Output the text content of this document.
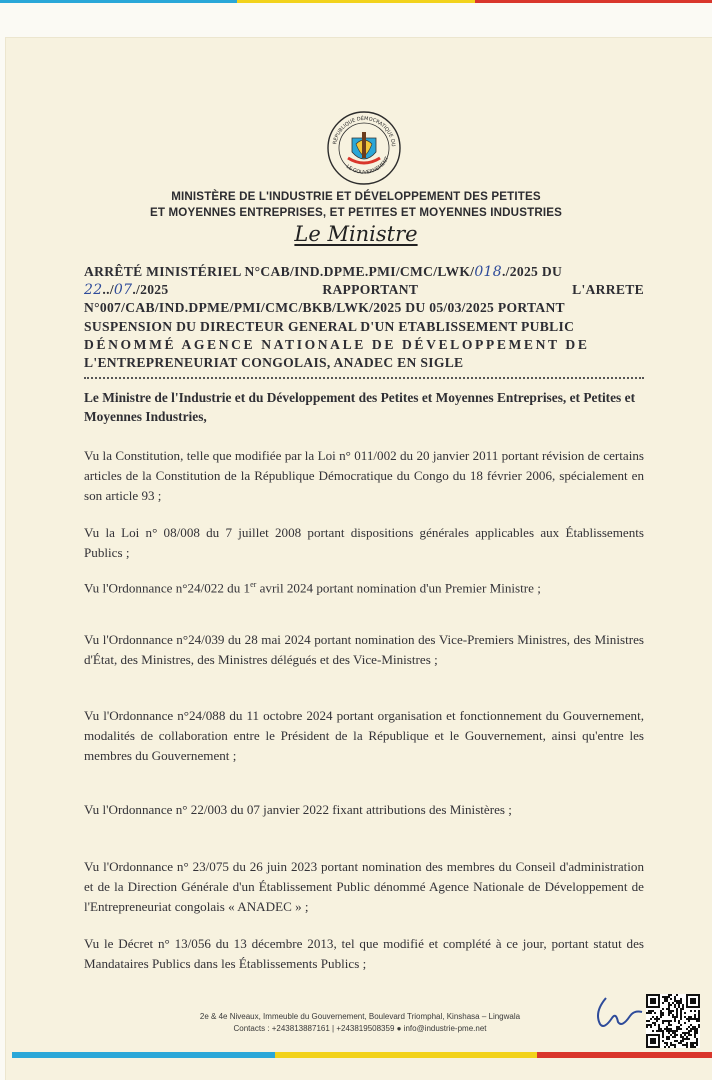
RÉPUBLIQUE DÉMOCRATIQUE DU
LE GOUVERNEMENT
MINISTÈRE DE L'INDUSTRIE ET DÉVELOPPEMENT DES PETITES
ET MOYENNES ENTREPRISES, ET PETITES ET MOYENNES INDUSTRIES
Le Ministre
ARRÊTÉ MINISTÉRIEL N°CAB/IND.DPME.PMI/CMC/LWK/018./2025 DU
22../07./2025	RAPPORTANT	L'ARRETE
N°007/CAB/IND.DPME/PMI/CMC/BKB/LWK/2025 DU 05/03/2025 PORTANT
SUSPENSION DU DIRECTEUR GENERAL D'UN ETABLISSEMENT PUBLIC
DÉNOMMÉ AGENCE NATIONALE DE DÉVELOPPEMENT DE
L'ENTREPRENEURIAT CONGOLAIS, ANADEC EN SIGLE
Le Ministre de l'Industrie et du Développement des Petites et Moyennes Entreprises, et Petites et Moyennes Industries,
Vu la Constitution, telle que modifiée par la Loi n° 011/002 du 20 janvier 2011 portant révision de certains articles de la Constitution de la République Démocratique du Congo du 18 février 2006, spécialement en son article 93 ;
Vu la Loi n° 08/008 du 7 juillet 2008 portant dispositions générales applicables aux Établissements Publics ;
Vu l'Ordonnance n°24/022 du 1er avril 2024 portant nomination d'un Premier Ministre ;
Vu l'Ordonnance n°24/039 du 28 mai 2024 portant nomination des Vice-Premiers Ministres, des Ministres d'État, des Ministres, des Ministres délégués et des Vice-Ministres ;
Vu l'Ordonnance n°24/088 du 11 octobre 2024 portant organisation et fonctionnement du Gouvernement, modalités de collaboration entre le Président de la République et le Gouvernement, ainsi qu'entre les membres du Gouvernement ;
Vu l'Ordonnance n° 22/003 du 07 janvier 2022 fixant attributions des Ministères ;
Vu l'Ordonnance n° 23/075 du 26 juin 2023 portant nomination des membres du Conseil d'administration et de la Direction Générale d'un Établissement Public dénommé Agence Nationale de Développement de l'Entrepreneuriat congolais « ANADEC » ;
Vu le Décret n° 13/056 du 13 décembre 2013, tel que modifié et complété à ce jour, portant statut des Mandataires Publics dans les Établissements Publics ;
2e & 4e Niveaux, Immeuble du Gouvernement, Boulevard Triomphal, Kinshasa – Lingwala
Contacts : +243813887161 | +243819508359 ● info@industrie-pme.net
